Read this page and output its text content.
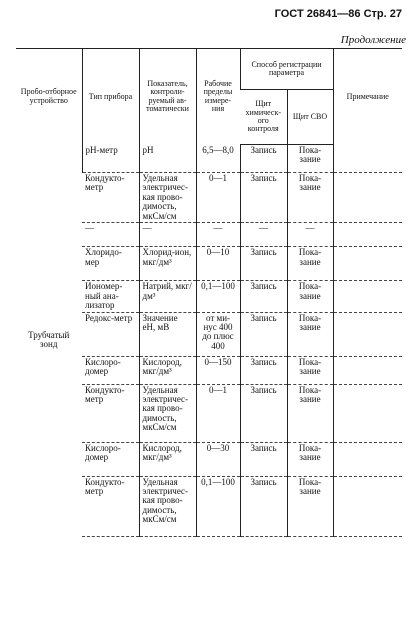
ГОСТ 26841—86 Стр. 27
Продолжение
Пробо-отборное устройство	Тип прибора	Показатель, контроли-руемый ав-томатически	Рабочие пределы измере-ния	Способ регистрации параметра		Примечание
				Щит химическ-ого контроля	Щит СВО	
Трубчатый зонд	pH-метр	pH	6,5—8,0	Запись	Пока-зание	
	Кондукто-метр	Удельная электричес-кая прово-димость, мкСм/см	0—1	Запись	Пока-зание	
	—	—	—	—	—	
	Хлоридо-мер	Хлорид-ион, мкг/дм³	0—10	Запись	Пока-зание	
	Иономер-ный ана-лизатор	Натрий, мкг/дм³	0,1—100	Запись	Пока-зание	
	Редокс-метр	Значение еН, мВ	от ми-нус 400 до плюс 400	Запись	Пока-зание	
	Кислоро-домер	Кислород, мкг/дм³	0—150	Запись	Пока-зание	
	Кондукто-метр	Удельная электричес-кая прово-димость, мкСм/см	0—1	Запись	Пока-зание	
	Кислоро-домер	Кислород, мкг/дм³	0—30	Запись	Пока-зание	
	Кондукто-метр	Удельная электричес-кая прово-димость, мкСм/см	0,1—100	Запись	Пока-зание	
